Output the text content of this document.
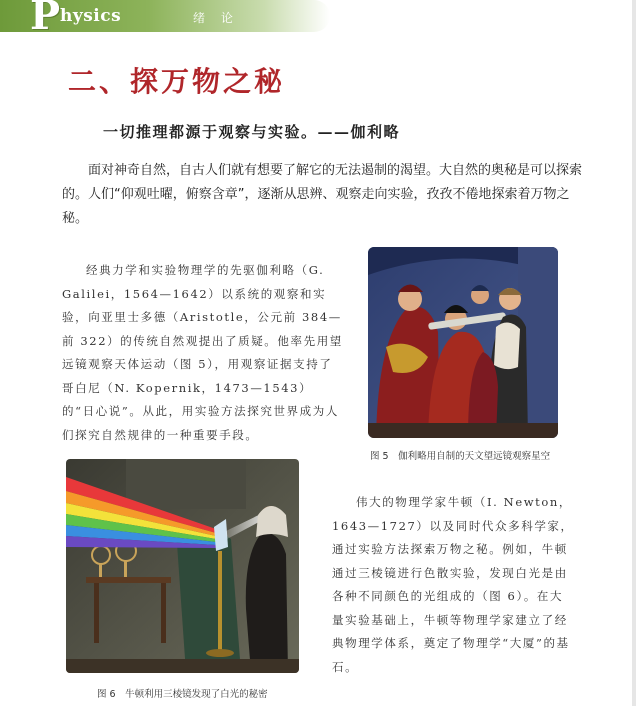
P hysics	绪 论
二、探万物之秘
一切推理都源于观察与实验。——伽利略

面对神奇自然，自古人们就有想要了解它的无法遏制的渴望。大自然的奥秘是可以探索的。人们“仰观吐曜，俯察含章”，逐渐从思辨、观察走向实验，孜孜不倦地探索着万物之秘。

经典力学和实验物理学的先驱伽利略（G. Galilei，1564—1642）以系统的观察和实验，向亚里士多德（Aristotle，公元前 384—前 322）的传统自然观提出了质疑。他率先用望远镜观察天体运动（图 5），用观察证据支持了哥白尼（N. Kopernik，1473—1543）的“日心说”。从此，用实验方法探究世界成为人们探究自然规律的一种重要手段。

图 5　伽利略用自制的天文望远镜观察星空
图 6　牛顿利用三棱镜发现了白光的秘密

伟大的物理学家牛顿（I. Newton，1643—1727）以及同时代众多科学家，通过实验方法探索万物之秘。例如，牛顿通过三棱镜进行色散实验，发现白光是由各种不同颜色的光组成的（图 6）。在大量实验基础上，牛顿等物理学家建立了经典物理学体系，奠定了物理学“大厦”的基石。
